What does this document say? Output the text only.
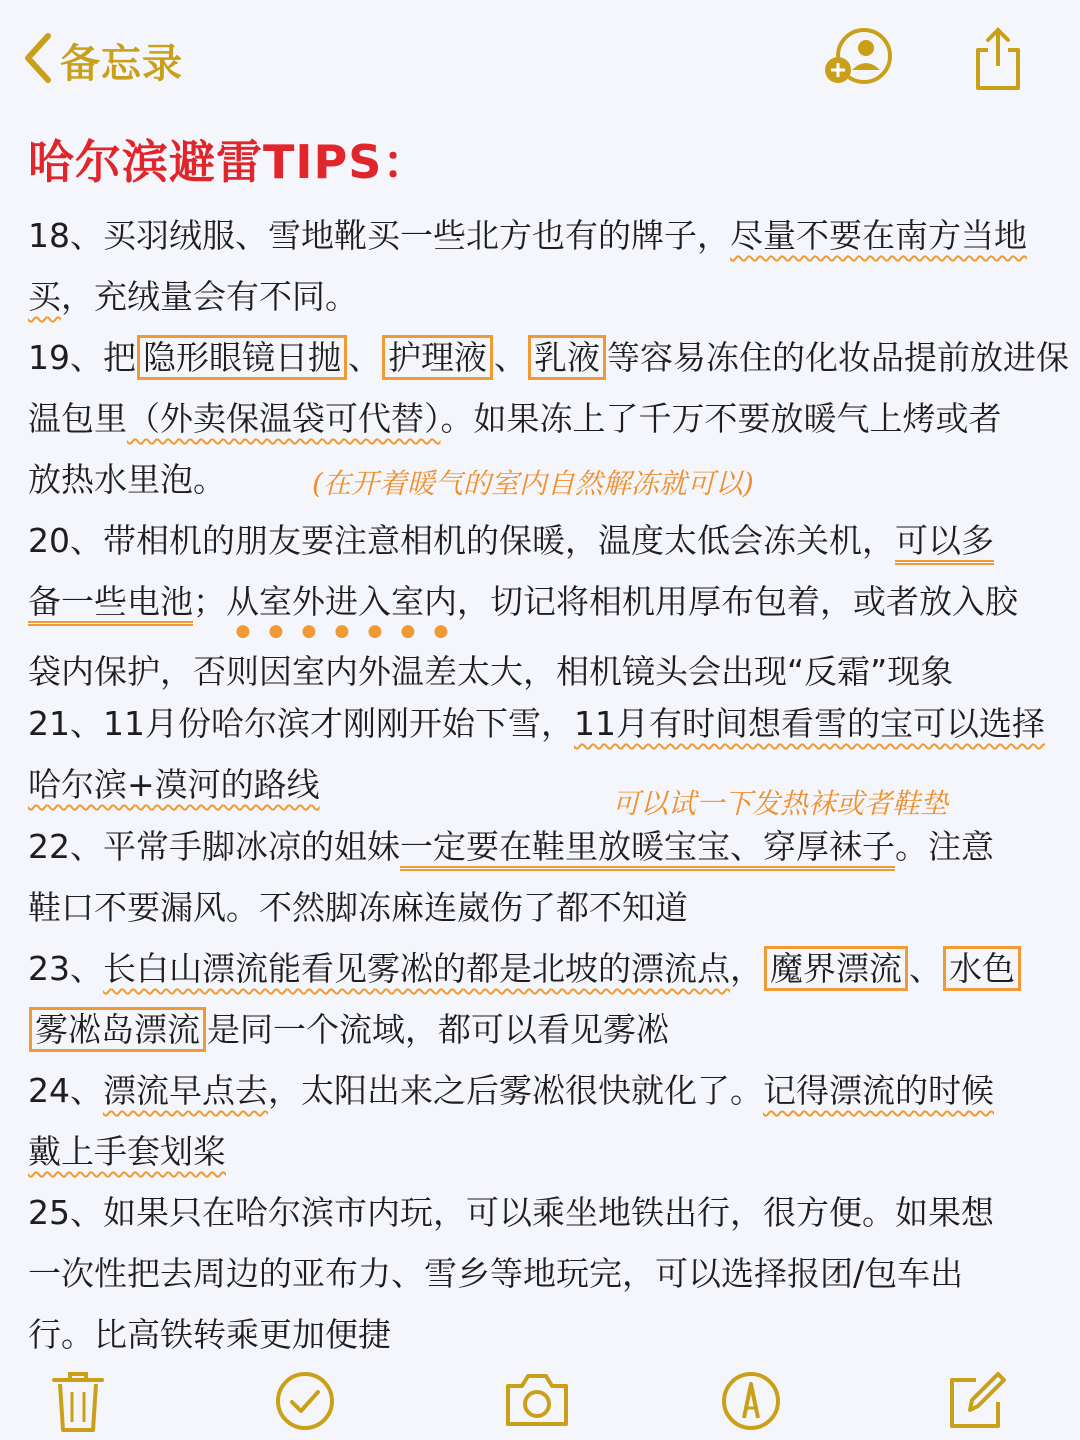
备忘录
哈尔滨避雷TIPS：

18、买羽绒服、雪地靴买一些北方也有的牌子，尽量不要在南方当地
买，充绒量会有不同。

19、把 隐形眼镜日抛 、 护理液 、 乳液 等容易冻住的化妆品提前放进保
温包里（外卖保温袋可代替）。如果冻上了千万不要放暖气上烤或者
放热水里泡。	(在开着暖气的室内自然解冻就可以)

20、带相机的朋友要注意相机的保暖，温度太低会冻关机，可以多
备一些电池；从室外进入室内，切记将相机用厚布包着，或者放入胶
袋内保护，否则因室内外温差太大，相机镜头会出现“反霜”现象

21、11月份哈尔滨才刚刚开始下雪，11月有时间想看雪的宝可以选择
哈尔滨+漠河的路线	可以试一下发热袜或者鞋垫

22、平常手脚冰凉的姐妹一定要在鞋里放暖宝宝、穿厚袜子。注意
鞋口不要漏风。不然脚冻麻连崴伤了都不知道

23、长白山漂流能看见雾凇的都是北坡的漂流点， 魔界漂流 、 水色
雾凇岛漂流 是同一个流域，都可以看见雾凇

24、漂流早点去，太阳出来之后雾凇很快就化了。记得漂流的时候
戴上手套划桨

25、如果只在哈尔滨市内玩，可以乘坐地铁出行，很方便。如果想
一次性把去周边的亚布力、雪乡等地玩完，可以选择报团/包车出
行。比高铁转乘更加便捷
